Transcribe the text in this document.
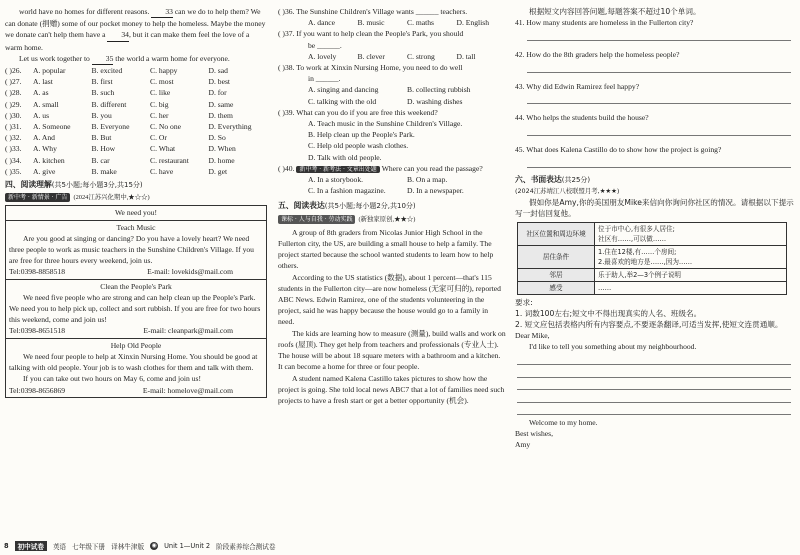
world have no homes for different reasons. 33 can we do to help them? We can donate (捐赠) some of our pocket money to help the homeless. Maybe the money we donate can't help them have a 34, but it can make them feel the love of a warm home.

Let us work together to 35 the world a warm home for everyone.

( )26.	A. popular	B. excited	C. happy	D. sad
( )27.	A. last	B. first	C. most	D. best
( )28.	A. as	B. such	C. like	D. for
( )29.	A. small	B. different	C. big	D. same
( )30.	A. us	B. you	C. her	D. them
( )31.	A. Someone	B. Everyone	C. No one	D. Everything
( )32.	A. And	B. But	C. Or	D. So
( )33.	A. Why	B. How	C. What	D. When
( )34.	A. kitchen	B. car	C. restaurant	D. home
( )35.	A. give	B. make	C. have	D. get
四、阅读理解(共5小题;每小题3分,共15分)
新中考 · 新情景 · 广告 (2024江苏兴化期中,★☆☆)
We need you!
Teach Music

Are you good at singing or dancing? Do you have a lovely heart? We need three people to work as music teachers in the Sunshine Children's Village. If you are free for three hours every weekend, join us.

Tel:0398-8858518	E-mail: lovekids@mail.com
Clean the People's Park

We need five people who are strong and can help clean up the People's Park. We need you to help pick up, collect and sort rubbish. If you are free for two hours this weekend, come and join us!

Tel:0398-8651518	E-mail: cleanpark@mail.com
Help Old People

We need four people to help at Xinxin Nursing Home. You should be good at talking with old people. Your job is to wash clothes for them and talk with them.

If you can take out two hours on May 6, come and join us!

Tel:0398-8656869	E-mail: homelove@mail.com

( )36. The Sunshine Children's Village wants ______ teachers.

A. dance	B. music	C. maths	D. English

( )37. If you want to help clean the People's Park, you should

be ______.

A. lovely	B. clever	C. strong	D. tall

( )38. To work at Xinxin Nursing Home, you need to do well

in ______.

A. singing and dancing	B. collecting rubbish
C. talking with the old	D. washing dishes

( )39. What can you do if you are free this weekend?

A. Teach music in the Sunshine Children's Village.

B. Help clean up the People's Park.

C. Help old people wash clothes.

D. Talk with old people.

( )40. 新中考 · 新考法 · 文章出处题 Where can you read the passage?

A. In a storybook.	B. On a map.
C. In a fashion magazine.	D. In a newspaper.
五、阅读表达(共5小题;每小题2分,共10分)
课标 · 人与自我 · 劳动实践 (新独家原创,★★☆)

A group of 8th graders from Nicolas Junior High School in the Fullerton city, the US, are building a small house to help a family. The project started because the school wanted students to learn how to help others.

According to the US statistics (数据), about 1 percent—that's 115 students in the Fullerton city—are now homeless (无家可归的), reported ABC News. Edwin Ramirez, one of the students volunteering in the project, said he was happy because the house would go to a family in need.

The kids are learning how to measure (测量), build walls and work on roofs (屋顶). They get help from teachers and professionals (专业人士). The house will be about 18 square meters with a bathroom and a kitchen. It can become a home for three or four people.

A student named Kalena Castillo takes pictures to show how the project is going. She told local news ABC7 that a lot of families need such projects to have a fresh start or get a better opportunity (机会).

根据短文内容回答问题,每题答案不超过10个单词。

41. How many students are homeless in the Fullerton city?

42. How do the 8th graders help the homeless people?

43. Why did Edwin Ramirez feel happy?

44. Who helps the students build the house?

45. What does Kalena Castillo do to show how the project is going?

六、书面表达(共25分)

(2024江苏靖江八校联盟月考,★★★)

假如你是Amy,你的美国朋友Mike来信向你询问你社区的情况。请根据以下提示写一封信回复他。

社区位置和周边环境	位于市中心,有很多人居住;
社区有……,可以做……

居住条件	1.住在12楼,有……个房间;
2.最喜欢的地方是……,因为……

邻居	乐于助人,举2—3个例子说明
感受	……

要求:

1. 词数100左右;短文中不得出现真实的人名、班级名。

2. 短文应包括表格内所有内容要点,不要逐条翻译,可适当发挥,使短文连贯通顺。

Dear Mike,

I'd like to tell you something about my neighbourhood.

Welcome to my home.

Best wishes,

Amy

8	初中试卷	英语 七年级下册 译林牛津版 ◉ Unit 1—Unit 2 阶段素养综合测试卷
